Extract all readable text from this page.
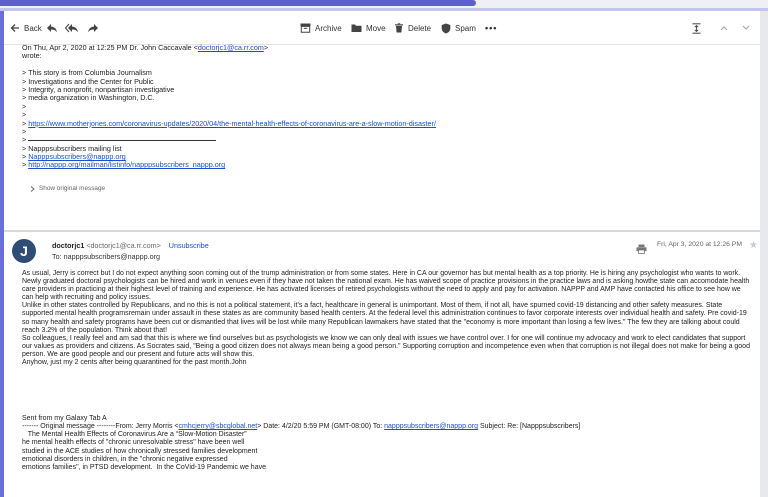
Back	Archive	Move	Delete	Spam •••
On Thu, Apr 2, 2020 at 12:25 PM Dr. John Caccavale <doctorjc1@ca.rr.com>
wrote:
> This story is from Columbia Journalism
> Investigations and the Center for Public
> Integrity, a nonprofit, nonpartisan investigative
> media organization in Washington, D.C.
>
>
> https://www.motherjones.com/coronavirus-updates/2020/04/the-mental-health-effects-of-coronavirus-are-a-slow-motion-disaster/
>
>
> Napppsubscribers mailing list
> Napppsubscribers@nappp.org
> http://nappp.org/mailman/listinfo/napppsubscribers_nappp.org
Show original message
J	doctorjc1 <doctorjc1@ca.rr.com> Unsubscribe
To: napppsubscribers@nappp.org
Fri, Apr 3, 2020 at 12:26 PM ★

As usual, Jerry is correct but I do not expect anything soon coming out of the trump administration or from some states. Here in CA our governor has but mental health as a top priority. He is hiring any psychologist who wants to work. Newly graduated doctoral psychologists can be hired and work in venues even if they have not taken the national exam. He has waived scope of practice provisions in the practice laws and is asking howthe state can accomodate health care providers in practicing at their highest level of training and experience. He has activated licenses of retired psychologists without the need to apply and pay for activation. NAPPP and AMP have contacted his office to see how we can help with recruiting and policy issues.

Unlike in other states controlled by Republicans, and no this is not a political statement, it's a fact, healthcare in general is unimportant. Most of them, if not all, have spurned covid-19 distancing and other safety measures. State supported mental health programsremain under assault in these states as are community based health centers. At the federal level this administration continues to favor corporate interests over individual health and safety. Pre covid-19 so many health and safety programs have been cut or dismantled that lives will be lost while many Republican lawmakers have stated that the "economy is more important than losing a few lives." The few they are talking about could reach 3.2% of the population. Think about that!

So colleagues, I really feel and am sad that this is where we find ourselves but as psychologists we know we can only deal with issues we have control over. I for one will continue my advocacy and work to elect candidates that support our values as providers and citizens. As Socrates said, "Being a good citizen does not always mean being a good person." Supporting corruption and incompetence even when that corruption is not illegal does not make for being a good person. We are good people and our present and future acts will show this.

Anyhow, just my 2 cents after being quarantined for the past month.John

Sent from my Galaxy Tab A

------- Original message --------From: Jerry Morris <cmhcjerry@sbcglobal.net> Date: 4/2/20 5:59 PM (GMT-08:00) To: napppsubscribers@nappp.org Subject: Re: [Napppsubscribers]

The Mental Health Effects of Coronavirus Are a “Slow-Motion Disaster”
he mental health effects of "chronic unresolvable stress" have been well
studied in the ACE studies of how chronically stressed families development
emotional disorders in children, in the "chronic negative expressed
emotions families", in PTSD development.  In the CoVid-19 Pandemic we have
